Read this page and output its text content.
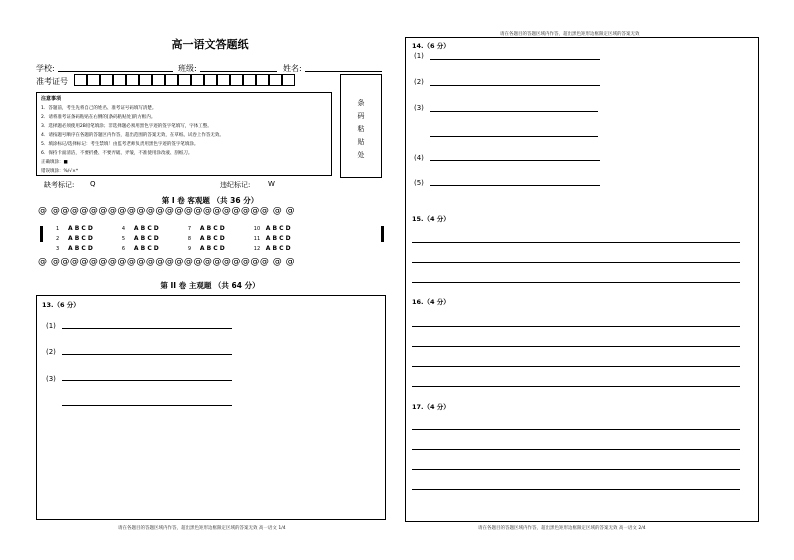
高一语文答题纸
学校:	班级:	姓名:
准考证号
注意事项
1．答题前，考生先将自己的姓名、准考证号码填写清楚。
2．请将准考证条码粘贴在右侧的[条码粘贴处]的方框内。
3．选择题必须使用2B铅笔填涂；非选择题必须用黑色字迹的签字笔填写，字体工整。
4．请按题号顺序在各题的答题区内作答，超出范围的答案无效，在草纸、试卷上作答无效。
5．填涂标记/选择标记：考生禁填！由监考老师负责用黑色字迹的签字笔填涂。
6．保持卡面清洁，不要折叠、不要弄破、弄皱，不准使用涂改液、刮纸刀。
正确填涂：■
错误填涂：%/√×*
条
码
粘
贴
处
缺考标记: Q	违纪标记:	W
第 I 卷 客观题 （共 36 分）
@ @@@@@@@@@@@@@@@@@@@@@@@ @ @
1 A B C D	4 A B C D	7 A B C D	10 A B C D
2 A B C D	5 A B C D	8 A B C D	11 A B C D
3 A B C D	6 A B C D	9 A B C D	12 A B C D
@ @@@@@@@@@@@@@@@@@@@@@@@ @ @
第 II 卷 主观题 （共 64 分）
13.（6 分）
(1)
(2)
(3)
请在各题目的答题区域内作答，超出黑色矩形边框限定区域的答案无效 高一语文 1/4
请在各题目的答题区域内作答，超出黑色矩形边框限定区域的答案无效
14.（6 分）
(1)
(2)
(3)
(4)
(5)
15.（4 分）
16.（4 分）
17.（4 分）
请在各题目的答题区域内作答，超出黑色矩形边框限定区域的答案无效 高一语文 2/4
